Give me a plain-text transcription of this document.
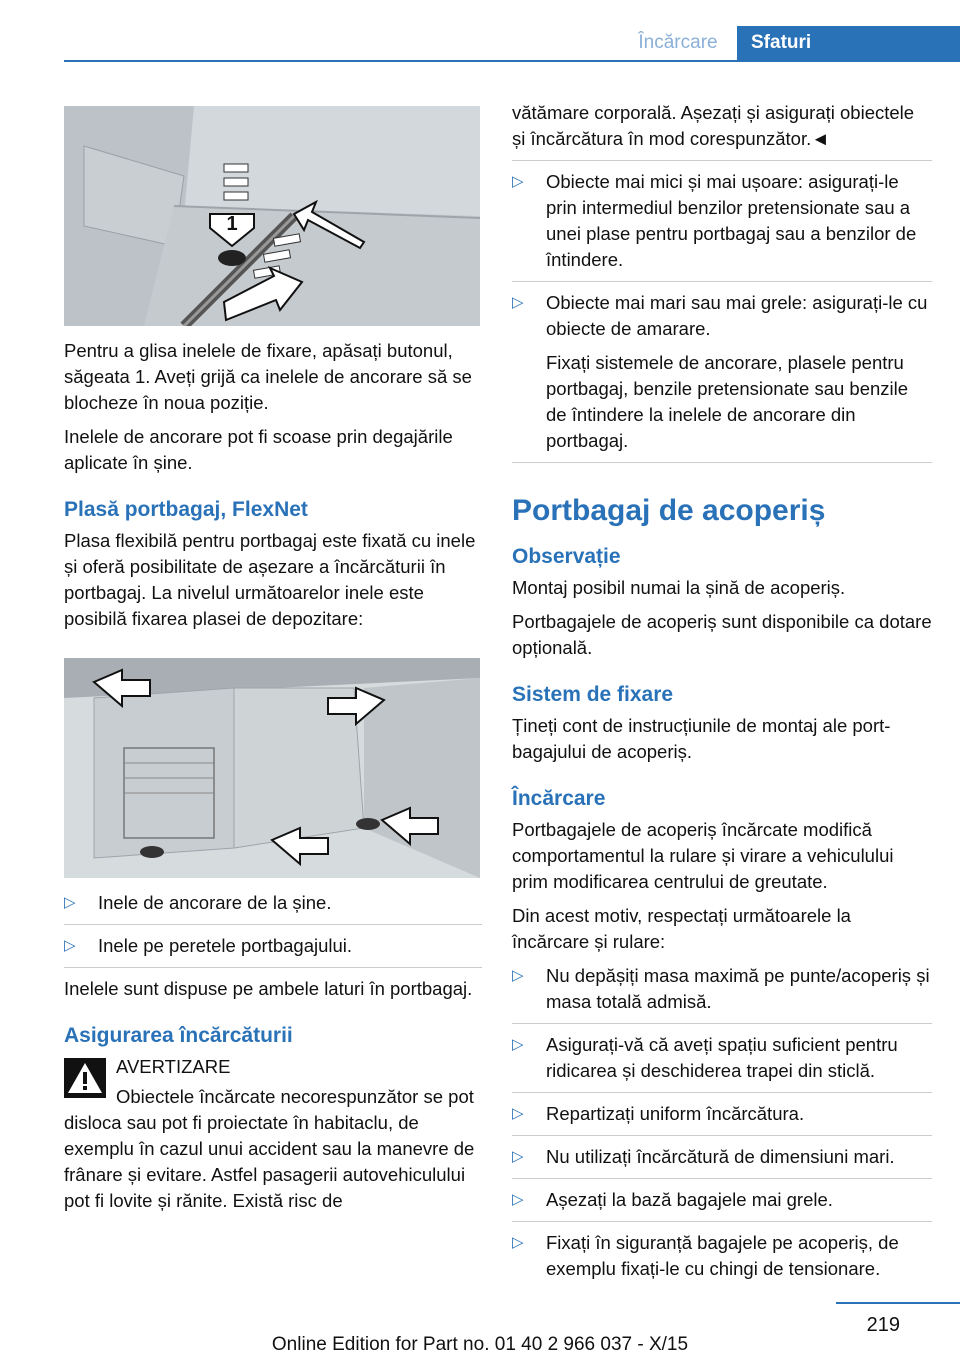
Încărcare	Sfaturi
1

Pentru a glisa inelele de fixare, apăsați butonul, săgeata 1. Aveți grijă ca inelele de ancorare să se blocheze în noua poziție.

Inelele de ancorare pot fi scoase prin degajările aplicate în șine.

Plasă portbagaj, FlexNet

Plasa flexibilă pentru portbagaj este fixată cu inele și oferă posibilitate de așezare a încărcăturii în portbagaj. La nivelul următoarelor inele este posibilă fixarea plasei de depozitare:

▷ Inele de ancorare de la șine.
▷ Inele pe peretele portbagajului.

Inelele sunt dispuse pe ambele laturi în portbagaj.

Asigurarea încărcăturii

AVERTIZARE

Obiectele încărcate necorespunzător se pot disloca sau pot fi proiectate în habitaclu, de exemplu în cazul unui accident sau la manevre de frânare și evitare. Astfel pasagerii autovehiculului pot fi lovite și rănite. Există risc de

vătămare corporală. Așezați și asigurați obiectele și încărcătura în mod corespunzător.◄

▷ Obiecte mai mici și mai ușoare: asigurați-le prin intermediul benzilor pretensionate sau a unei plase pentru portbagaj sau a benzilor de întindere.
▷ Obiecte mai mari sau mai grele: asigurați-le cu obiecte de amarare.
Fixați sistemele de ancorare, plasele pentru portbagaj, benzile pretensionate sau benzile de întindere la inelele de ancorare din portbagaj.
Portbagaj de acoperiș
Observație

Montaj posibil numai la șină de acoperiș.

Portbagajele de acoperiș sunt disponibile ca dotare opțională.

Sistem de fixare

Țineți cont de instrucțiunile de montaj ale portbagajului de acoperiș.

Încărcare

Portbagajele de acoperiș încărcate modifică comportamentul la rulare și virare a vehiculului prim modificarea centrului de greutate.

Din acest motiv, respectați următoarele la încărcare și rulare:

▷ Nu depășiți masa maximă pe punte/acoperiș și masa totală admisă.
▷ Asigurați-vă că aveți spațiu suficient pentru ridicarea și deschiderea trapei din sticlă.
▷ Repartizați uniform încărcătura.
▷ Nu utilizați încărcătură de dimensiuni mari.
▷ Așezați la bază bagajele mai grele.
▷ Fixați în siguranță bagajele pe acoperiș, de exemplu fixați-le cu chingi de tensionare.
219
Online Edition for Part no. 01 40 2 966 037 - X/15
